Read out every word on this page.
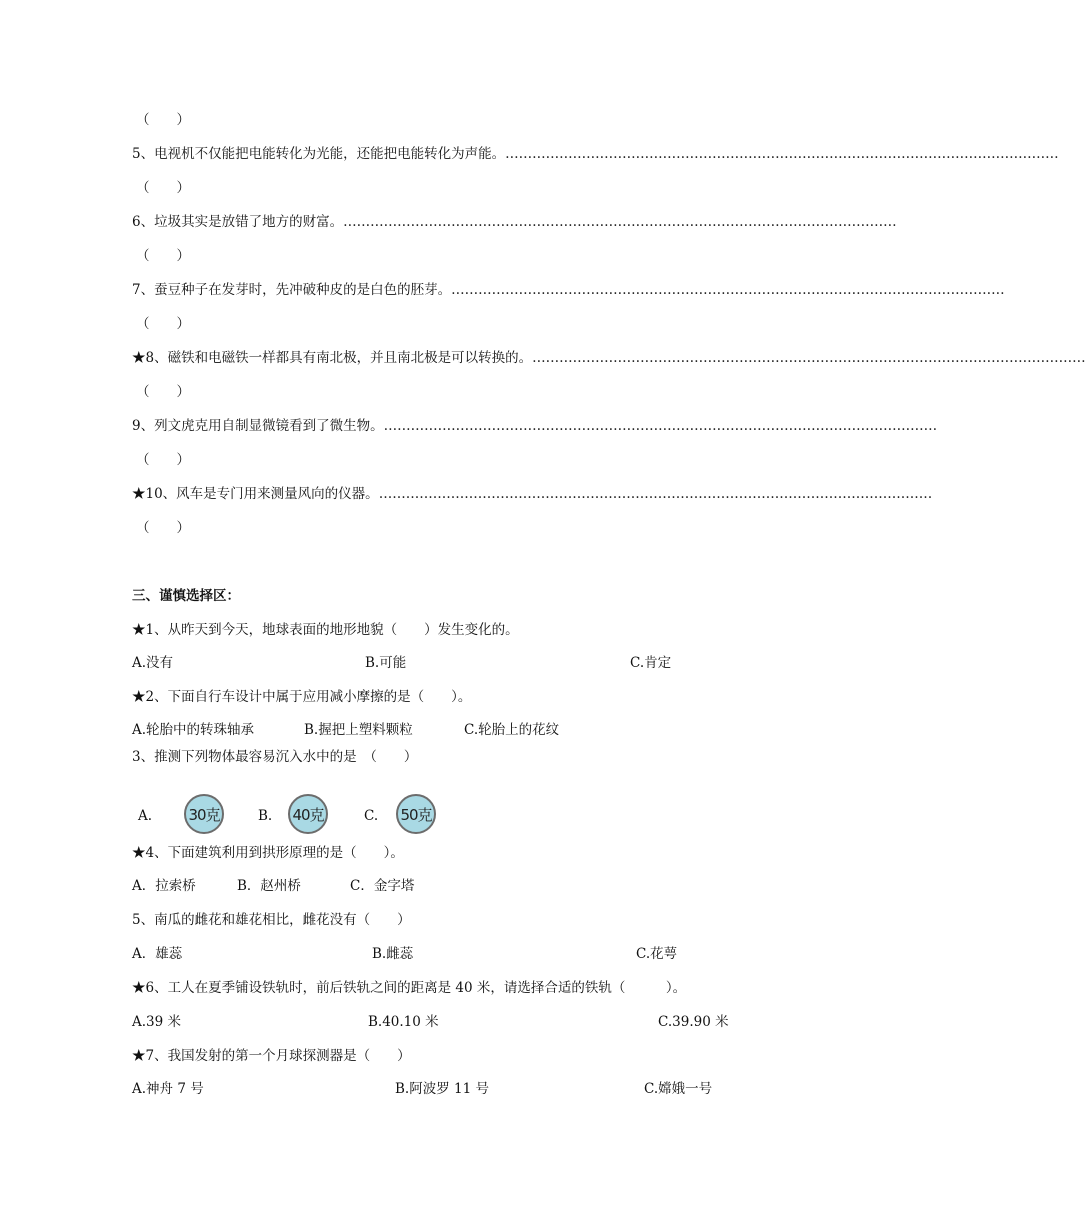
（　　）
5、电视机不仅能把电能转化为光能，还能把电能转化为声能。 ……………………………………………………………………………………………………………
（　　）
6、垃圾其实是放错了地方的财富。 ……………………………………………………………………………………………………………
（　　）
7、蚕豆种子在发芽时，先冲破种皮的是白色的胚芽。 ……………………………………………………………………………………………………………
（　　）
★8、磁铁和电磁铁一样都具有南北极，并且南北极是可以转换的。 ……………………………………………………………………………………………………………
（　　）
9、列文虎克用自制显微镜看到了微生物。 ……………………………………………………………………………………………………………
（　　）
★10、风车是专门用来测量风向的仪器。 ……………………………………………………………………………………………………………
（　　）
三、谨慎选择区：
★1、从昨天到今天，地球表面的地形地貌（　　）发生变化的。
A.没有	B.可能	C.肯定
★2、下面自行车设计中属于应用减小摩擦的是（　　）。
A.轮胎中的转珠轴承	B.握把上塑料颗粒	C.轮胎上的花纹
3、推测下列物体最容易沉入水中的是　（　　）
A. 30克	B. 40克	C. 50克
★4、下面建筑利用到拱形原理的是（　　）。
A．拉索桥	B．赵州桥	C．金字塔
5、南瓜的雌花和雄花相比，雌花没有（　　）
A．雄蕊	B.雌蕊	C.花萼
★6、工人在夏季铺设铁轨时，前后铁轨之间的距离是 40 米，请选择合适的铁轨（　　　）。
A.39 米	B.40.10 米	C.39.90 米
★7、我国发射的第一个月球探测器是（　　）
A.神舟 7 号	B.阿波罗 11 号	C.嫦娥一号
